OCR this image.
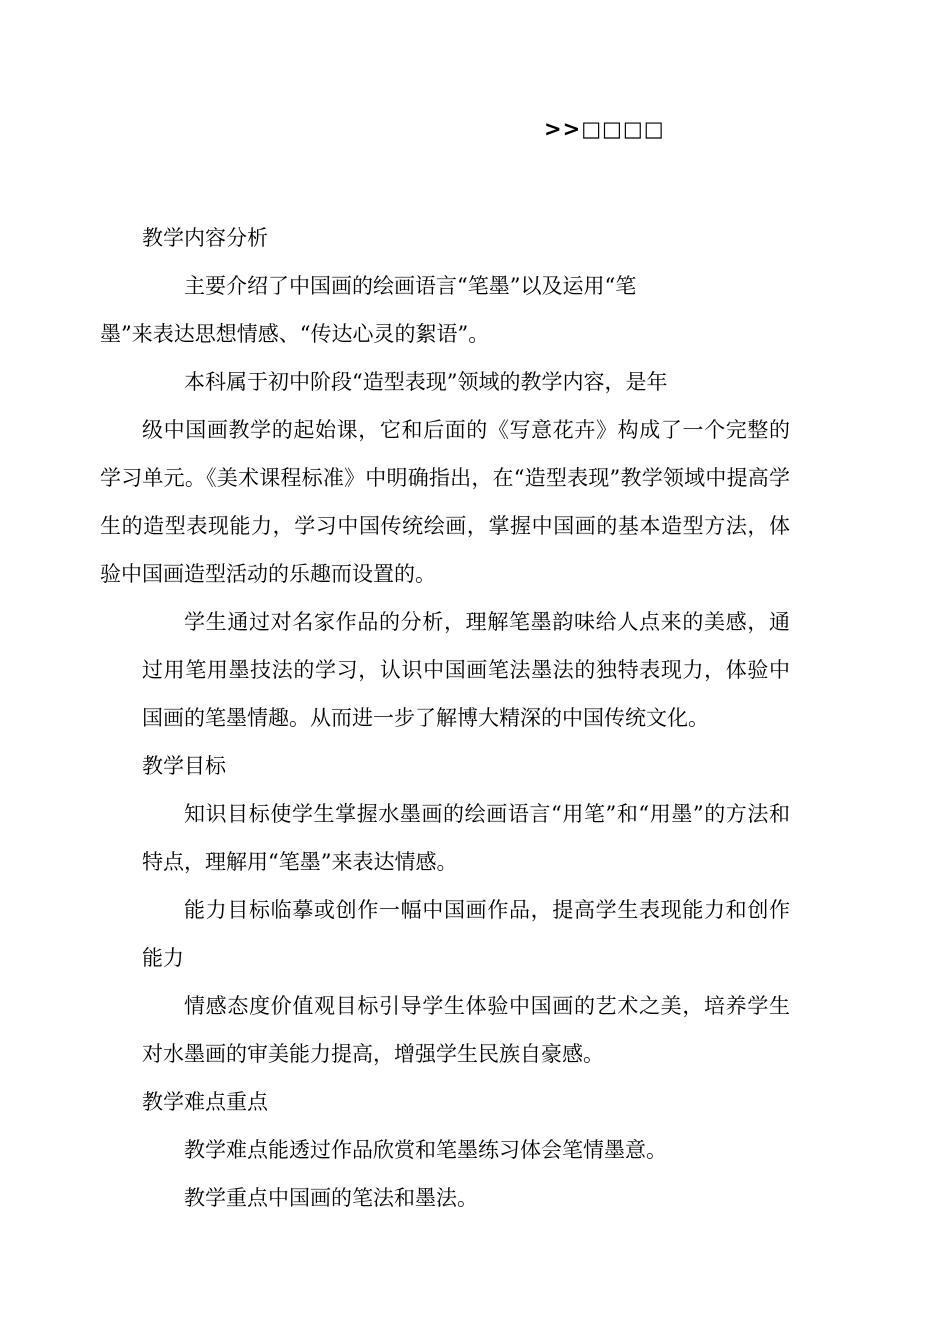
>>□□□□
教学内容分析
主要介绍了中国画的绘画语言“笔墨”以及运用“笔
墨”来表达思想情感、“传达心灵的絮语”。
本科属于初中阶段“造型表现”领域的教学内容，是年
级中国画教学的起始课，它和后面的《写意花卉》构成了一个完整的学习单元。《美术课程标准》中明确指出，在“造型表现”教学领域中提高学生的造型表现能力，学习中国传统绘画，掌握中国画的基本造型方法，体验中国画造型活动的乐趣而设置的。
学生通过对名家作品的分析，理解笔墨韵味给人点来的美感，通过用笔用墨技法的学习，认识中国画笔法墨法的独特表现力，体验中国画的笔墨情趣。从而进一步了解博大精深的中国传统文化。
教学目标
知识目标使学生掌握水墨画的绘画语言“用笔”和“用墨”的方法和特点，理解用“笔墨”来表达情感。
能力目标临摹或创作一幅中国画作品，提高学生表现能力和创作能力
情感态度价值观目标引导学生体验中国画的艺术之美，培养学生对水墨画的审美能力提高，增强学生民族自豪感。
教学难点重点
教学难点能透过作品欣赏和笔墨练习体会笔情墨意。
教学重点中国画的笔法和墨法。
